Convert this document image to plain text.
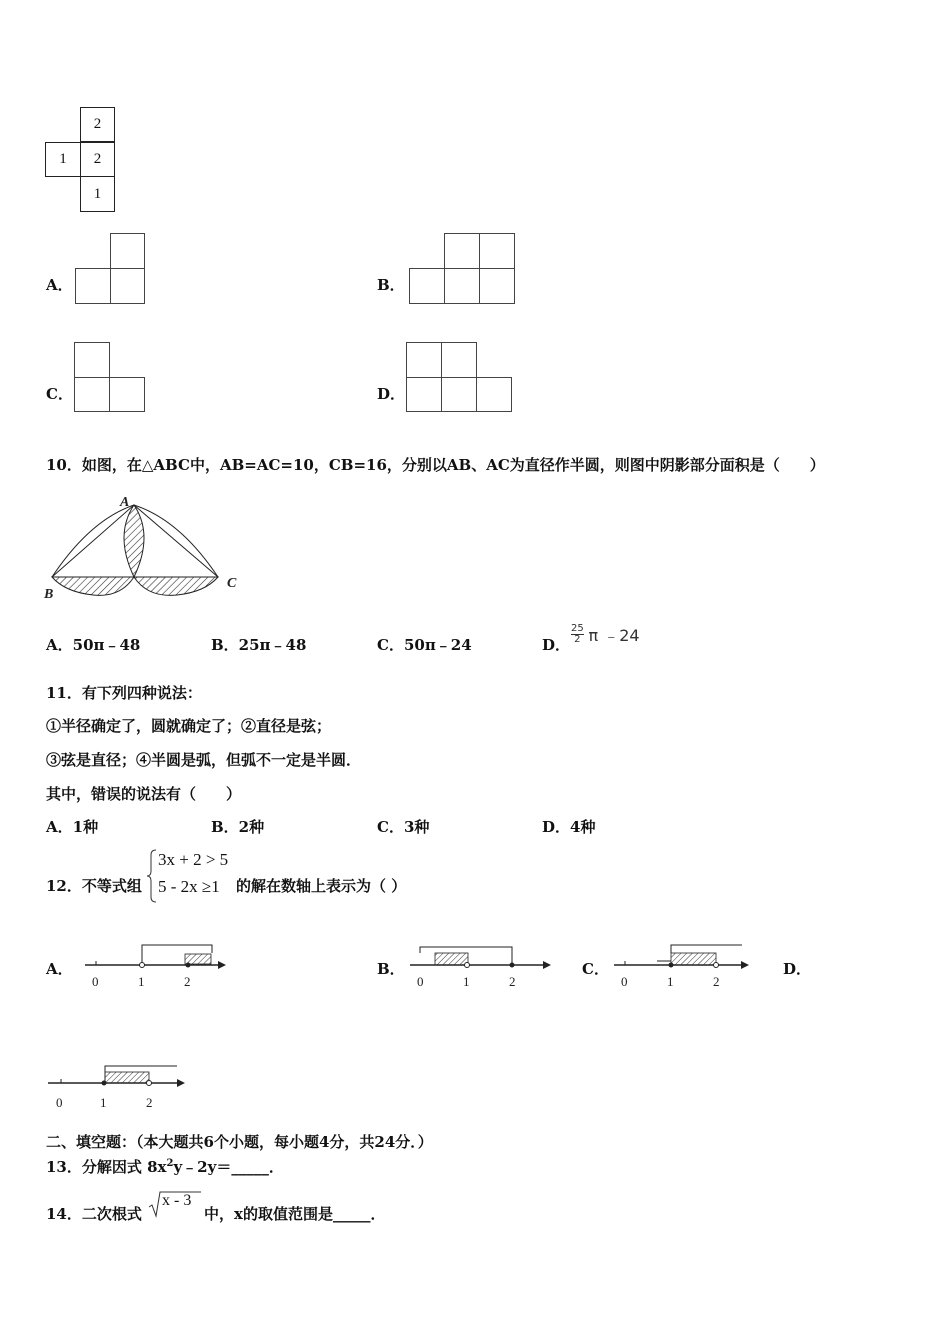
2
1 2
1
A．	B．
C．	D．
10．如图，在△ABC中，AB=AC=10，CB=16，分别以AB、AC为直径作半圆，则图中阴影部分面积是（　　）
A
B
C
A．50π﹣48	B．25π﹣48	C．50π﹣24	D． $\frac{25}{2}$ π ﹣24
11．有下列四种说法：
①半径确定了，圆就确定了；②直径是弦；
③弦是直径；④半圆是弧，但弧不一定是半圆．
其中，错误的说法有（　　）
A．1种	B．2种	C．3种	D．4种
12．不等式组
3x + 2 > 5
5 - 2x ≥1 的解在数轴上表示为（ ）
A．
0	1	2
B．
0	1	2
C．
0	1	2
D．
0	1	2
二、填空题：（本大题共6个小题，每小题4分，共24分．）
13．分解因式 $8x^2y﹣2y=\_\_\_\_\_$．
14．二次根式
x - 3
中，x的取值范围是_____．
